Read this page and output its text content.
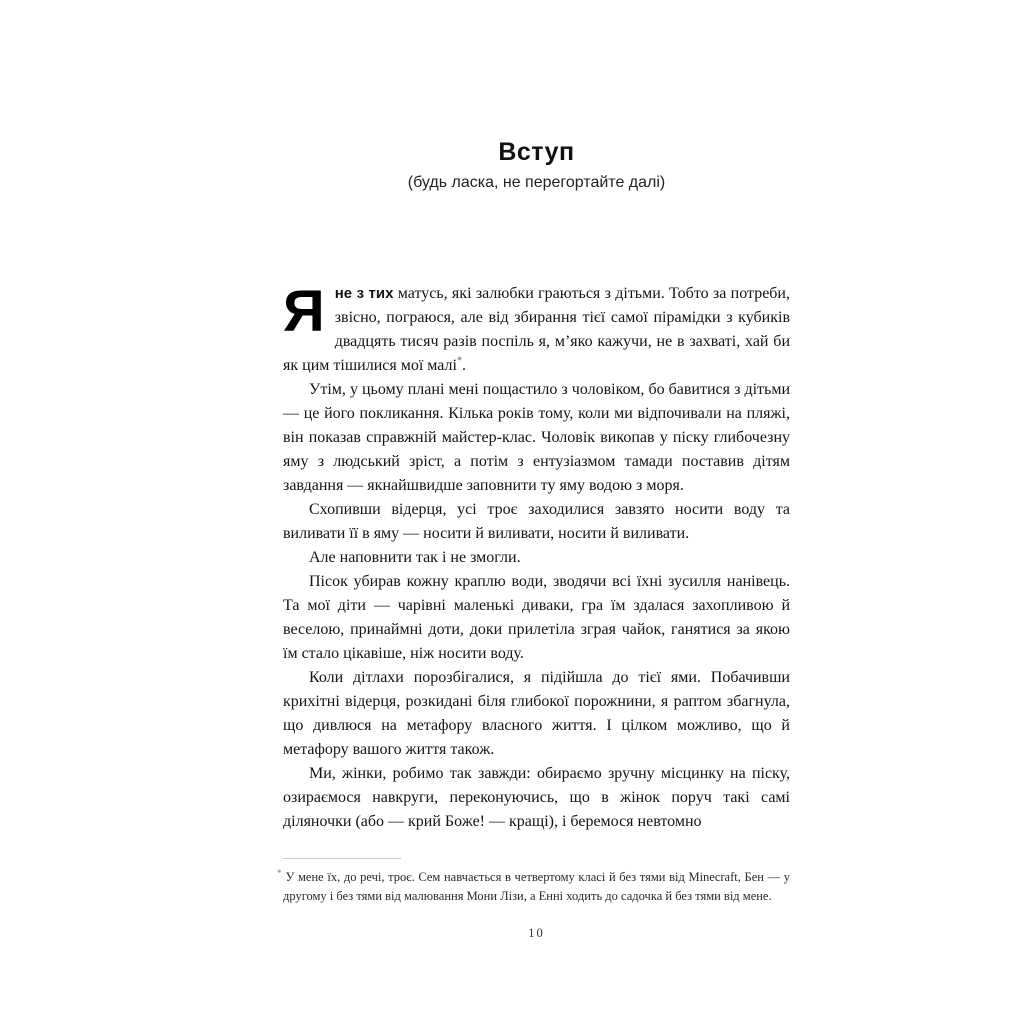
Вступ
(будь ласка, не перегортайте далі)

Яне з тих матусь, які залюбки граються з дітьми. Тобто за потреби, звісно, пограюся, але від збирання тієї самої пірамідки з кубиків двадцять тисяч разів поспіль я, м’яко кажучи, не в захваті, хай би як цим тішилися мої малі*.

Утім, у цьому плані мені пощастило з чоловіком, бо бавитися з дітьми — це його покликання. Кілька років тому, коли ми відпочивали на пляжі, він показав справжній майстер-клас. Чоловік викопав у піску глибочезну яму з людський зріст, а потім з ентузіазмом тамади поставив дітям завдання — якнайшвидше заповнити ту яму водою з моря.

Схопивши відерця, усі троє заходилися завзято носити воду та виливати її в яму — носити й виливати, носити й виливати.

Але наповнити так і не змогли.

Пісок убирав кожну краплю води, зводячи всі їхні зусилля нанівець. Та мої діти — чарівні маленькі диваки, гра їм здалася захопливою й веселою, принаймні доти, доки прилетіла зграя чайок, ганятися за якою їм стало цікавіше, ніж носити воду.

Коли дітлахи порозбігалися, я підійшла до тієї ями. Побачивши крихітні відерця, розкидані біля глибокої порожнини, я раптом збагнула, що дивлюся на метафору власного життя. І цілком можливо, що й метафору вашого життя також.

Ми, жінки, робимо так завжди: обираємо зручну місцинку на піску, озираємося навкруги, переконуючись, що в жінок поруч такі самі діляночки (або — крий Боже! — кращі), і беремося невтомно

* У мене їх, до речі, троє. Сем навчається в четвертому класі й без тями від Minecraft, Бен — у другому і без тями від малювання Мони Лізи, а Енні ходить до садочка й без тями від мене.

10
